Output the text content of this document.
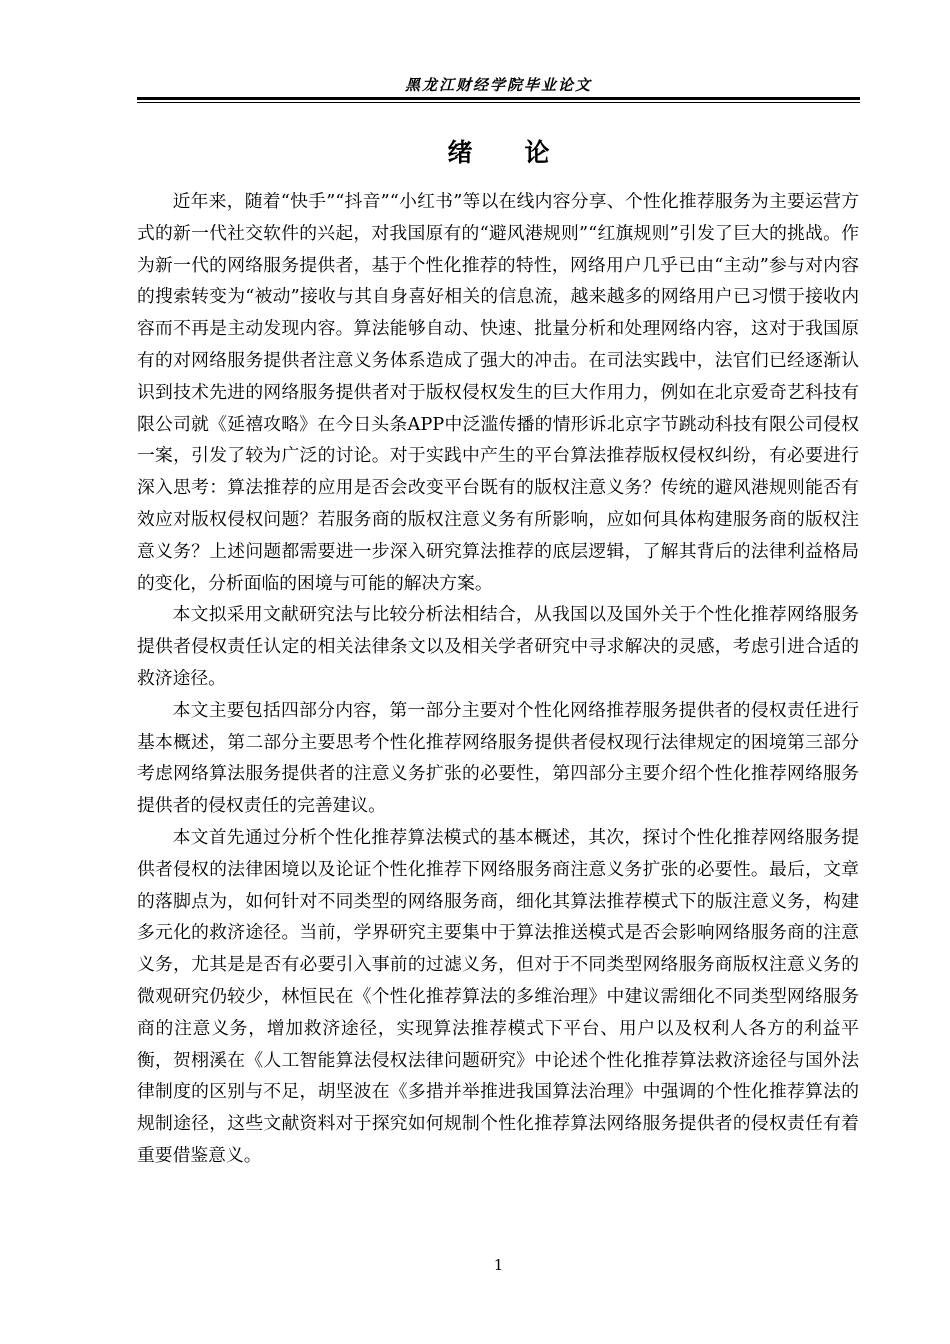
黑龙江财经学院毕业论文
绪论

近年来，随着“快手”“抖音”“小红书”等以在线内容分享、个性化推荐服务为主要运营方式的新一代社交软件的兴起，对我国原有的“避风港规则”“红旗规则”引发了巨大的挑战。作为新一代的网络服务提供者，基于个性化推荐的特性，网络用户几乎已由“主动”参与对内容的搜索转变为“被动”接收与其自身喜好相关的信息流，越来越多的网络用户已习惯于接收内容而不再是主动发现内容。算法能够自动、快速、批量分析和处理网络内容，这对于我国原有的对网络服务提供者注意义务体系造成了强大的冲击。在司法实践中，法官们已经逐渐认识到技术先进的网络服务提供者对于版权侵权发生的巨大作用力，例如在北京爱奇艺科技有限公司就《延禧攻略》在今日头条APP中泛滥传播的情形诉北京字节跳动科技有限公司侵权一案，引发了较为广泛的讨论。对于实践中产生的平台算法推荐版权侵权纠纷，有必要进行深入思考：算法推荐的应用是否会改变平台既有的版权注意义务？传统的避风港规则能否有效应对版权侵权问题？若服务商的版权注意义务有所影响，应如何具体构建服务商的版权注意义务？上述问题都需要进一步深入研究算法推荐的底层逻辑，了解其背后的法律利益格局的变化，分析面临的困境与可能的解决方案。

本文拟采用文献研究法与比较分析法相结合，从我国以及国外关于个性化推荐网络服务提供者侵权责任认定的相关法律条文以及相关学者研究中寻求解决的灵感，考虑引进合适的救济途径。

本文主要包括四部分内容，第一部分主要对个性化网络推荐服务提供者的侵权责任进行基本概述，第二部分主要思考个性化推荐网络服务提供者侵权现行法律规定的困境第三部分考虑网络算法服务提供者的注意义务扩张的必要性，第四部分主要介绍个性化推荐网络服务提供者的侵权责任的完善建议。

本文首先通过分析个性化推荐算法模式的基本概述，其次，探讨个性化推荐网络服务提供者侵权的法律困境以及论证个性化推荐下网络服务商注意义务扩张的必要性。最后，文章的落脚点为，如何针对不同类型的网络服务商，细化其算法推荐模式下的版注意义务，构建多元化的救济途径。当前，学界研究主要集中于算法推送模式是否会影响网络服务商的注意义务，尤其是是否有必要引入事前的过滤义务，但对于不同类型网络服务商版权注意义务的微观研究仍较少，林恒民在《个性化推荐算法的多维治理》中建议需细化不同类型网络服务商的注意义务，增加救济途径，实现算法推荐模式下平台、用户以及权利人各方的利益平衡，贺栩溪在《人工智能算法侵权法律问题研究》中论述个性化推荐算法救济途径与国外法律制度的区别与不足，胡坚波在《多措并举推进我国算法治理》中强调的个性化推荐算法的规制途径，这些文献资料对于探究如何规制个性化推荐算法网络服务提供者的侵权责任有着重要借鉴意义。

1
